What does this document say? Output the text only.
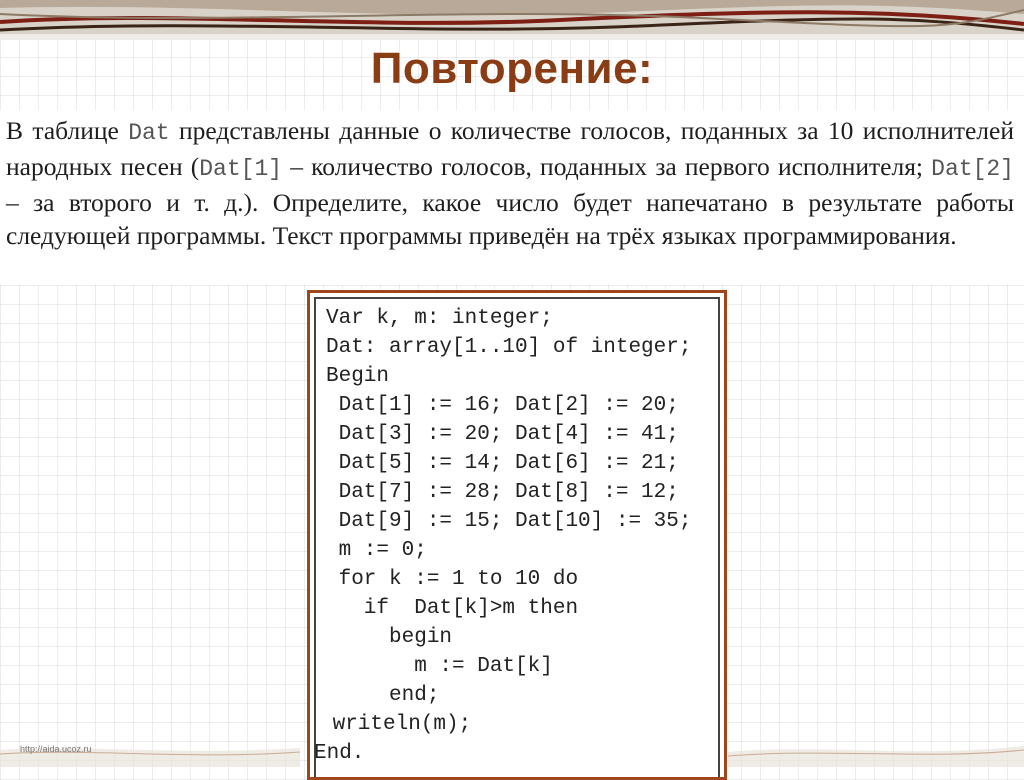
Повторение:
В таблице Dat представлены данные о количестве голосов, поданных за 10 исполнителей народных песен (Dat[1] – количество голосов, поданных за первого исполнителя; Dat[2] – за второго и т. д.). Определите, какое число будет напечатано в результате работы следующей программы. Текст программы приведён на трёх языках программирования.
Var k, m: integer;
Dat: array[1..10] of integer;
Begin
Dat[1] := 16; Dat[2] := 20;
Dat[3] := 20; Dat[4] := 41;
Dat[5] := 14; Dat[6] := 21;
Dat[7] := 28; Dat[8] := 12;
Dat[9] := 15; Dat[10] := 35;
m := 0;
for k := 1 to 10 do
if  Dat[k]>m then
begin
m := Dat[k]
end;
writeln(m);
End.
http://aida.ucoz.ru
